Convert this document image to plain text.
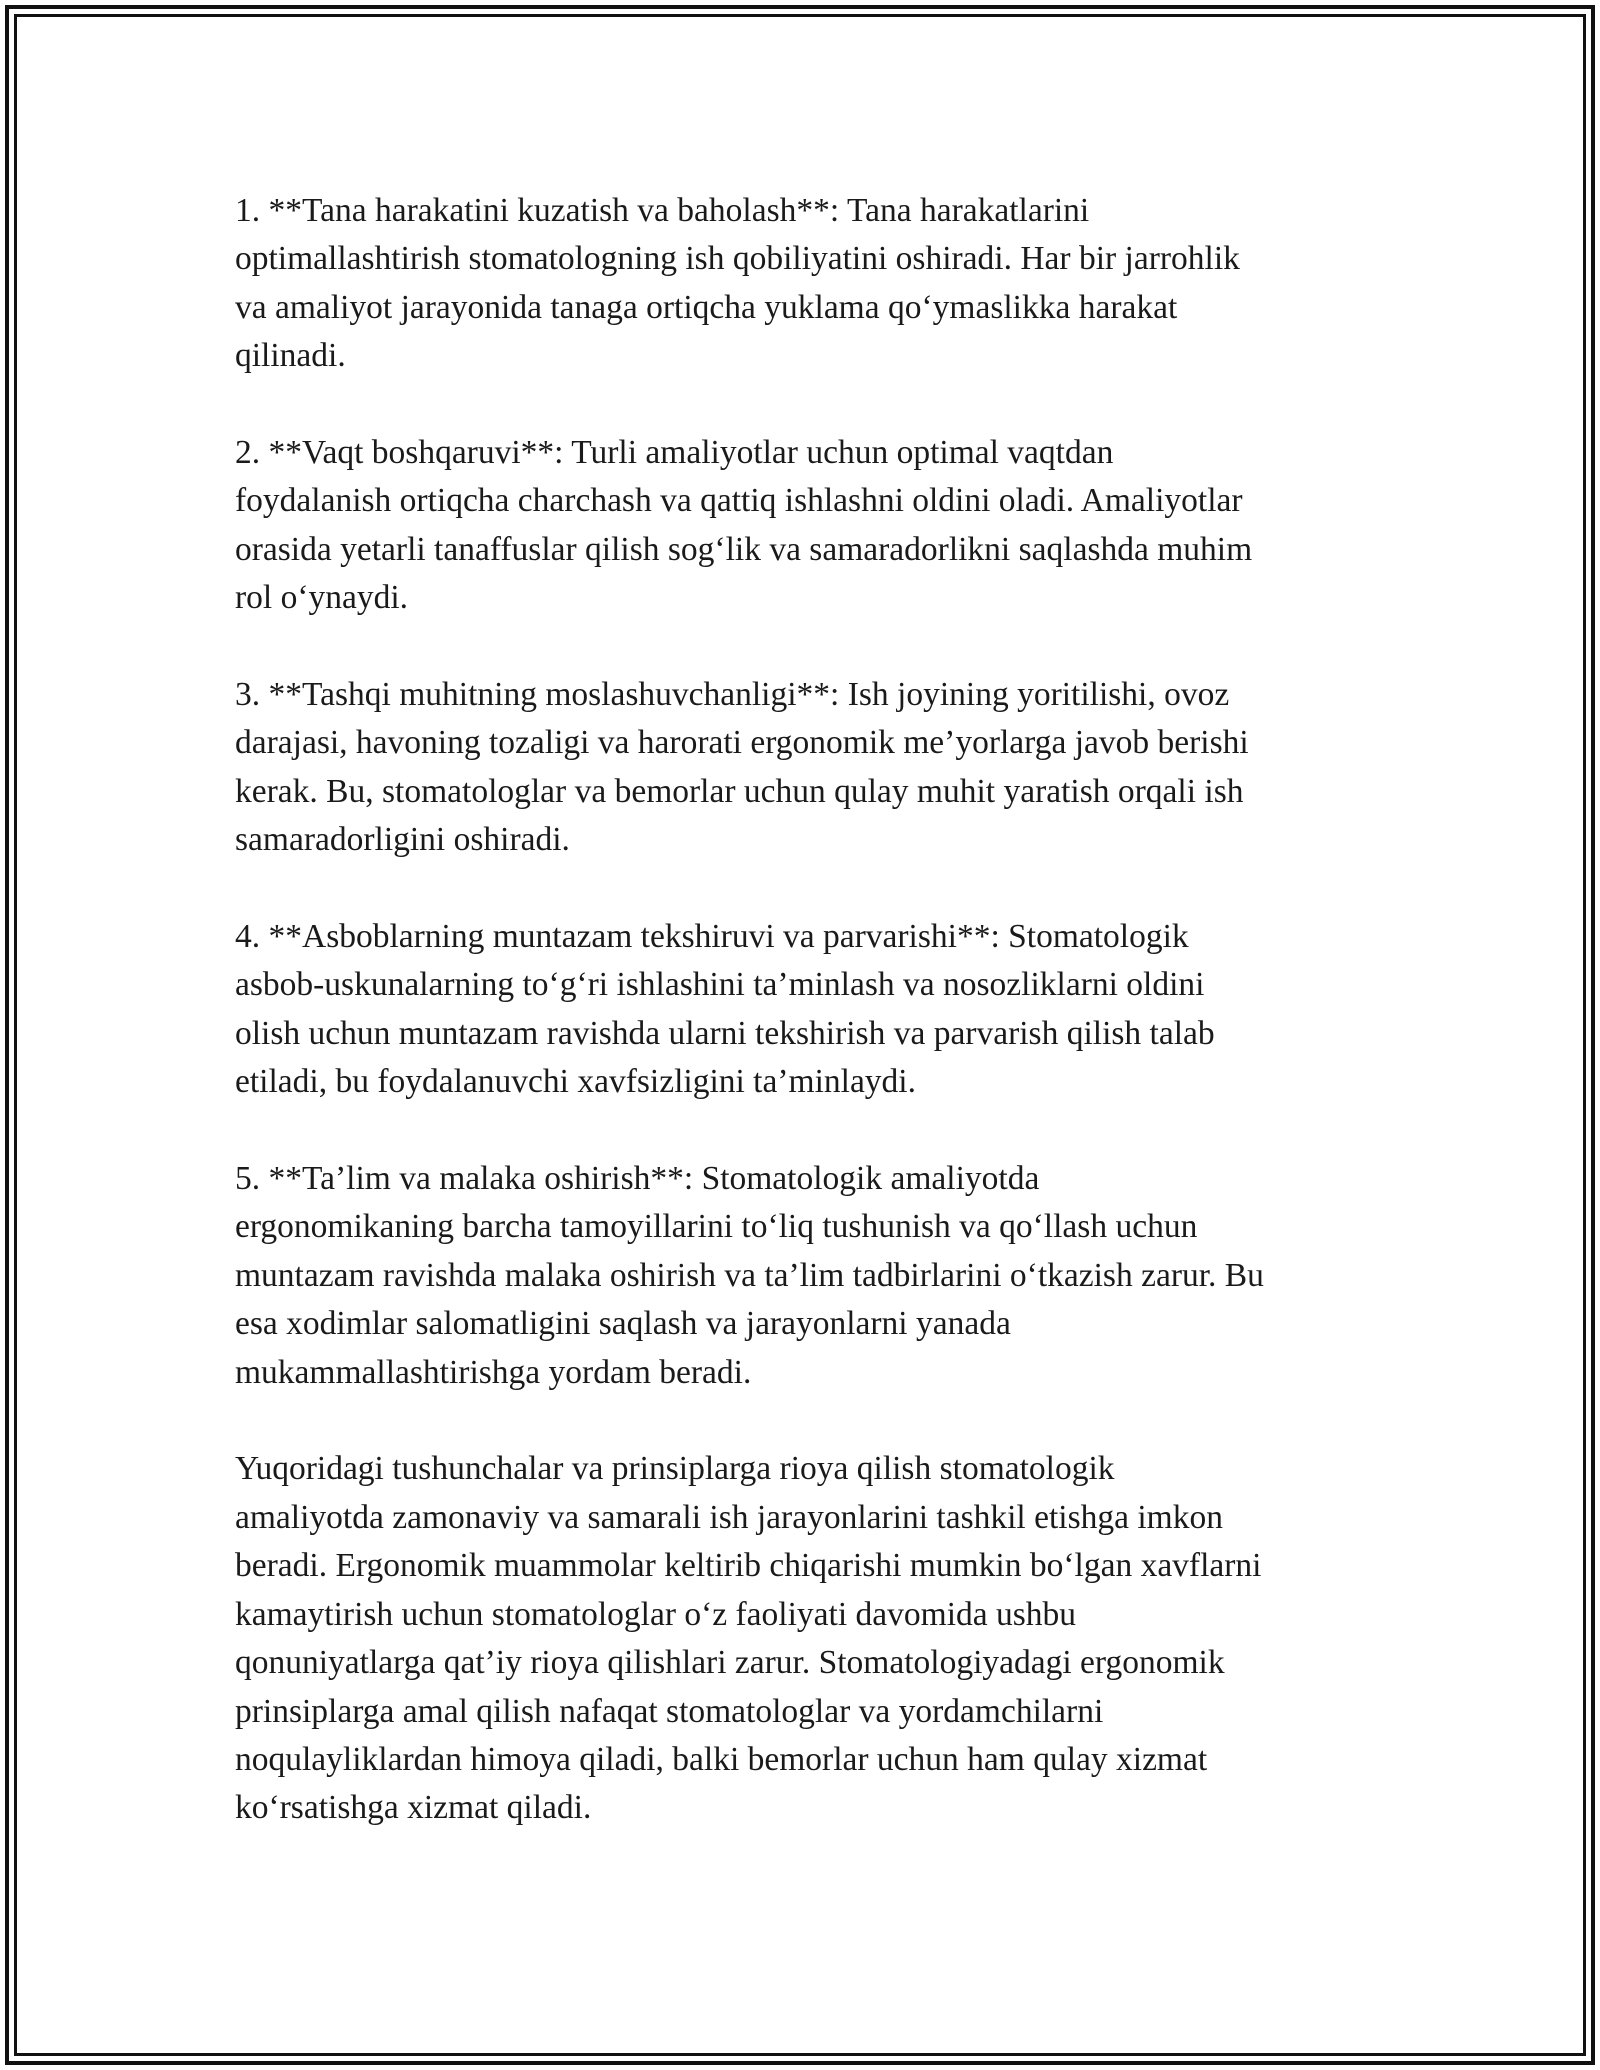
1. **Tana harakatini kuzatish va baholash**: Tana harakatlarini
optimallashtirish stomatologning ish qobiliyatini oshiradi. Har bir jarrohlik
va amaliyot jarayonida tanaga ortiqcha yuklama qo‘ymaslikka harakat
qilinadi.

2. **Vaqt boshqaruvi**: Turli amaliyotlar uchun optimal vaqtdan
foydalanish ortiqcha charchash va qattiq ishlashni oldini oladi. Amaliyotlar
orasida yetarli tanaffuslar qilish sog‘lik va samaradorlikni saqlashda muhim
rol o‘ynaydi.

3. **Tashqi muhitning moslashuvchanligi**: Ish joyining yoritilishi, ovoz
darajasi, havoning tozaligi va harorati ergonomik me’yorlarga javob berishi
kerak. Bu, stomatologlar va bemorlar uchun qulay muhit yaratish orqali ish
samaradorligini oshiradi.

4. **Asboblarning muntazam tekshiruvi va parvarishi**: Stomatologik
asbob-uskunalarning to‘g‘ri ishlashini ta’minlash va nosozliklarni oldini
olish uchun muntazam ravishda ularni tekshirish va parvarish qilish talab
etiladi, bu foydalanuvchi xavfsizligini ta’minlaydi.

5. **Ta’lim va malaka oshirish**: Stomatologik amaliyotda
ergonomikaning barcha tamoyillarini to‘liq tushunish va qo‘llash uchun
muntazam ravishda malaka oshirish va ta’lim tadbirlarini o‘tkazish zarur. Bu
esa xodimlar salomatligini saqlash va jarayonlarni yanada
mukammallashtirishga yordam beradi.

Yuqoridagi tushunchalar va prinsiplarga rioya qilish stomatologik
amaliyotda zamonaviy va samarali ish jarayonlarini tashkil etishga imkon
beradi. Ergonomik muammolar keltirib chiqarishi mumkin bo‘lgan xavflarni
kamaytirish uchun stomatologlar o‘z faoliyati davomida ushbu
qonuniyatlarga qat’iy rioya qilishlari zarur. Stomatologiyadagi ergonomik
prinsiplarga amal qilish nafaqat stomatologlar va yordamchilarni
noqulayliklardan himoya qiladi, balki bemorlar uchun ham qulay xizmat
ko‘rsatishga xizmat qiladi.
